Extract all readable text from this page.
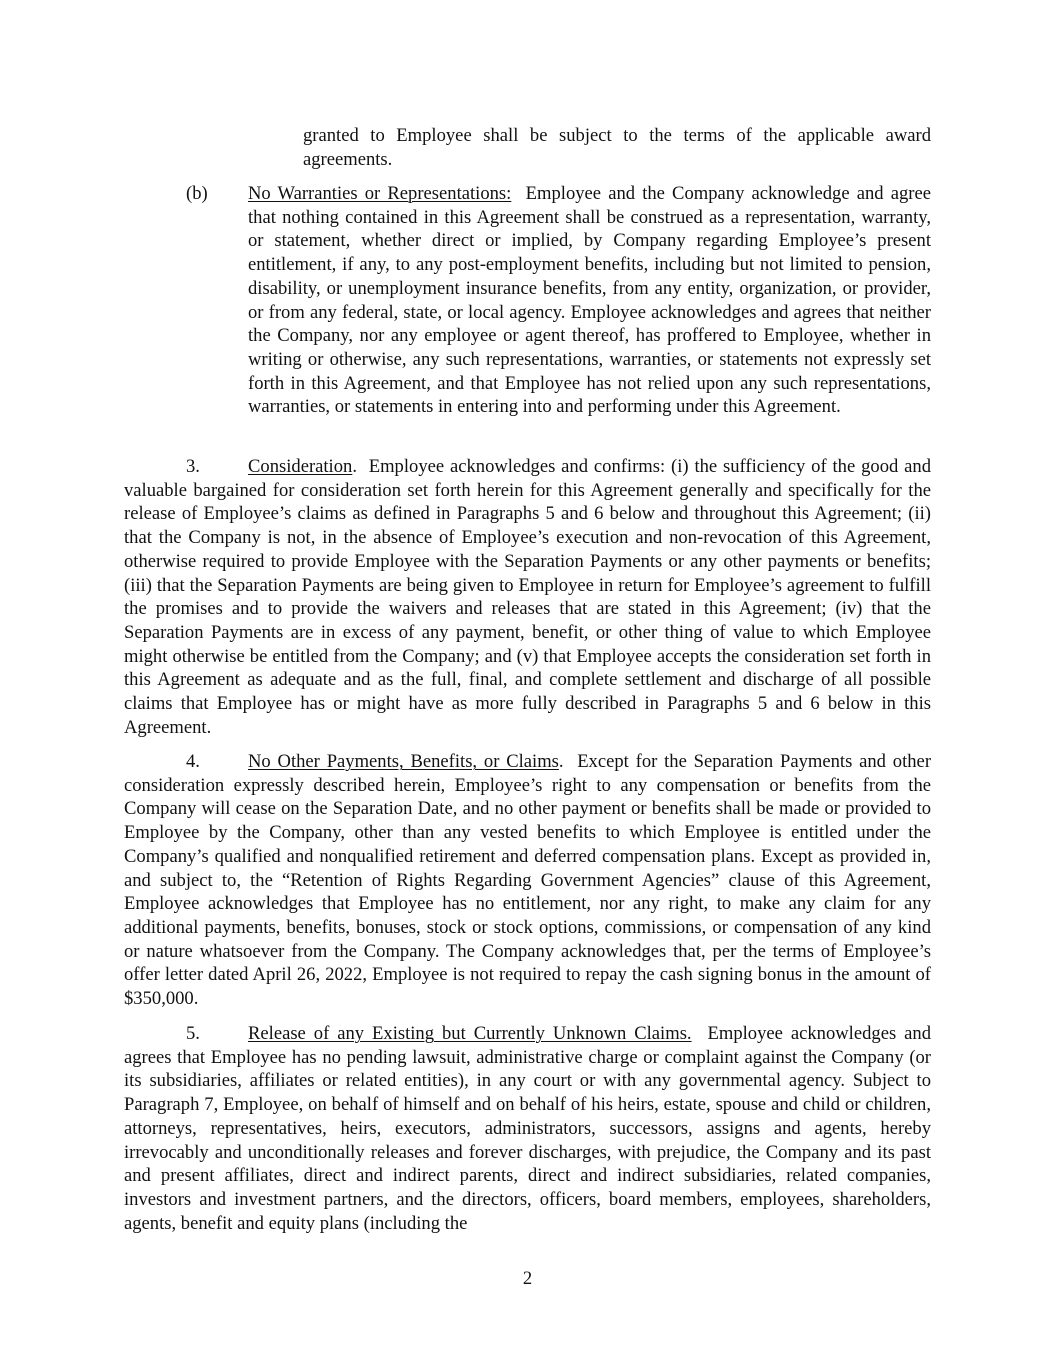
granted to Employee shall be subject to the terms of the applicable award agreements.

(b) No Warranties or Representations: Employee and the Company acknowledge and agree that nothing contained in this Agreement shall be construed as a representation, warranty, or statement, whether direct or implied, by Company regarding Employee’s present entitlement, if any, to any post-employment benefits, including but not limited to pension, disability, or unemployment insurance benefits, from any entity, organization, or provider, or from any federal, state, or local agency. Employee acknowledges and agrees that neither the Company, nor any employee or agent thereof, has proffered to Employee, whether in writing or otherwise, any such representations, warranties, or statements not expressly set forth in this Agreement, and that Employee has not relied upon any such representations, warranties, or statements in entering into and performing under this Agreement.

3.	Consideration. Employee acknowledges and confirms: (i) the sufficiency of the good and valuable bargained for consideration set forth herein for this Agreement generally and specifically for the release of Employee’s claims as defined in Paragraphs 5 and 6 below and throughout this Agreement; (ii) that the Company is not, in the absence of Employee’s execution and non-revocation of this Agreement, otherwise required to provide Employee with the Separation Payments or any other payments or benefits; (iii) that the Separation Payments are being given to Employee in return for Employee’s agreement to fulfill the promises and to provide the waivers and releases that are stated in this Agreement; (iv) that the Separation Payments are in excess of any payment, benefit, or other thing of value to which Employee might otherwise be entitled from the Company; and (v) that Employee accepts the consideration set forth in this Agreement as adequate and as the full, final, and complete settlement and discharge of all possible claims that Employee has or might have as more fully described in Paragraphs 5 and 6 below in this Agreement.

4.	No Other Payments, Benefits, or Claims. Except for the Separation Payments and other consideration expressly described herein, Employee’s right to any compensation or benefits from the Company will cease on the Separation Date, and no other payment or benefits shall be made or provided to Employee by the Company, other than any vested benefits to which Employee is entitled under the Company’s qualified and nonqualified retirement and deferred compensation plans. Except as provided in, and subject to, the “Retention of Rights Regarding Government Agencies” clause of this Agreement, Employee acknowledges that Employee has no entitlement, nor any right, to make any claim for any additional payments, benefits, bonuses, stock or stock options, commissions, or compensation of any kind or nature whatsoever from the Company. The Company acknowledges that, per the terms of Employee’s offer letter dated April 26, 2022, Employee is not required to repay the cash signing bonus in the amount of $350,000.

5.	Release of any Existing but Currently Unknown Claims. Employee acknowledges and agrees that Employee has no pending lawsuit, administrative charge or complaint against the Company (or its subsidiaries, affiliates or related entities), in any court or with any governmental agency. Subject to Paragraph 7, Employee, on behalf of himself and on behalf of his heirs, estate, spouse and child or children, attorneys, representatives, heirs, executors, administrators, successors, assigns and agents, hereby irrevocably and unconditionally releases and forever discharges, with prejudice, the Company and its past and present affiliates, direct and indirect parents, direct and indirect subsidiaries, related companies, investors and investment partners, and the directors, officers, board members, employees, shareholders, agents, benefit and equity plans (including the

2
